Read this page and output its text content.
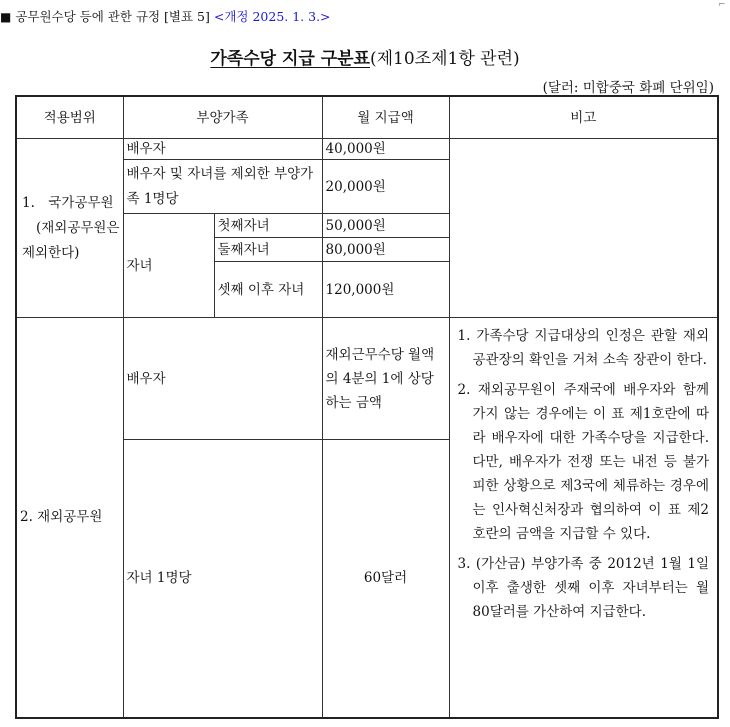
■ 공무원수당 등에 관한 규정 [별표 5] <개정 2025. 1. 3.>
⌐
가족수당 지급 구분표(제10조제1항 관련)
(달러: 미합중국 화폐 단위임)
적용범위	부양가족		월 지급액	비고
1.　국가공무원
(재외공무원은
제외한다)	배우자		40,000원	
	배우자 및 자녀를 제외한 부양가족 1명당		20,000원	
	자녀	첫째자녀	50,000원	
		둘째자녀	80,000원	
		셋째 이후 자녀	120,000원	
2. 재외공무원	배우자		재외근무수당 월액의 4분의 1에 상당하는 금액	1. 가족수당 지급대상의 인정은 관할 재외공관장의 확인을 거쳐 소속 장관이 한다.

2. 재외공무원이 주재국에 배우자와 함께 가지 않는 경우에는 이 표 제1호란에 따라 배우자에 대한 가족수당을 지급한다. 다만, 배우자가 전쟁 또는 내전 등 불가피한 상황으로 제3국에 체류하는 경우에는 인사혁신처장과 협의하여 이 표 제2호란의 금액을 지급할 수 있다.

3. (가산금) 부양가족 중 2012년 1월 1일 이후 출생한 셋째 이후 자녀부터는 월 80달러를 가산하여 지급한다.

	자녀 1명당		60달러	
